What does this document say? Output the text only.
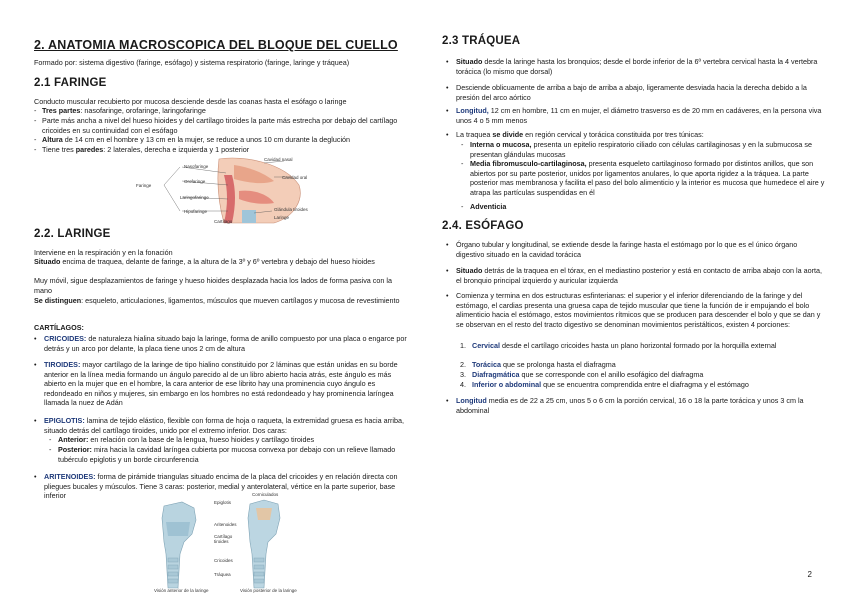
2. ANATOMIA MACROSCOPICA DEL BLOQUE DEL CUELLO
Formado por: sistema digestivo (faringe, esófago) y sistema respiratorio (faringe, laringe y tráquea)
2.1 FARINGE
Conducto muscular recubierto por mucosa desciende desde las coanas hasta el esófago o laringe
- Tres partes: nasofaringe, orofaringe, laringofaringe
- Parte más ancha a nivel del hueso hioides y del cartílago tiroides la parte más estrecha por debajo del cartílago cricoides en su continuidad con el esófago
- Altura de 14 cm en el hombre y 13 cm en la mujer, se reduce a unos 10 cm durante la deglución
- Tiene tres paredes: 2 laterales, derecha e izquierda y 1 posterior
Faringe
Nasofaringe
Orofaringe
Laringofaringe
Hipofaringe
Cartílago
Cavidad nasal
Cavidad oral
Glándula tiroides
Laringe
2.2. LARINGE
Interviene en la respiración y en la fonación
Situado encima de traquea, delante de faringe, a la altura de la 3º y 6º vertebra y debajo del hueso hioides
Muy móvil, sigue desplazamientos de faringe y hueso hioides desplazada hacia los lados de forma pasiva con la mano
Se distinguen: esqueleto, articulaciones, ligamentos, músculos que mueven cartílagos y mucosa de revestimiento
CARTÍLAGOS:
• CRICOIDES: de naturaleza hialina situado bajo la laringe, forma de anillo compuesto por una placa o engarce por detrás y un arco por delante, la placa tiene unos 2 cm de altura
• TIROIDES: mayor cartílago de la laringe de tipo hialino constituido por 2 láminas que están unidas en su borde anterior en la línea media formando un ángulo parecido al de un libro abierto hacia atrás, este ángulo es más abierto en la mujer que en el hombre, la cara anterior de ese librito hay una prominencia cuyo ángulo es redondeado en niños y mujeres, sin embargo en los hombres no está redondeado y hay prominencia laríngea llamada la nuez de Adán
• EPIGLOTIS: lamina de tejido elástico, flexible con forma de hoja o raqueta, la extremidad gruesa es hacia arriba, situado detrás del cartílago tiroides, unido por el extremo inferior. Dos caras:
- Anterior: en relación con la base de la lengua, hueso hioides y cartílago tiroides
- Posterior: mira hacia la cavidad laríngea cubierta por mucosa convexa por debajo con un relieve llamado tubérculo epiglotis y un borde circunferencia
• ARITENOIDES: forma de pirámide triangulas situado encima de la placa del cricoides y en relación directa con pliegues bucales y músculos. Tiene 3 caras: posterior, medial y anterolateral, vértice en la parte superior, base inferior
Epiglotis
Corniculados
Aritenoides
Cartílago tiroides
Cricoides
Tráquea
Visión anterior de la laringe	Visión posterior de la laringe
2.3 TRÁQUEA
• Situado desde la laringe hasta los bronquios; desde el borde inferior de la 6º vertebra cervical hasta la 4 vertebra torácica (lo mismo que dorsal)
• Desciende oblicuamente de arriba a bajo de arriba a abajo, ligeramente desviada hacia la derecha debido a la presión del arco aórtico
• Longitud, 12 cm en hombre, 11 cm en mujer, el diámetro trasverso es de 20 mm en cadáveres, en la persona viva unos 4 o 5 mm menos
• La traquea se divide en región cervical y torácica constituida por tres túnicas:
- Interna o mucosa, presenta un epitelio respiratorio ciliado con células cartilaginosas y en la submucosa se presentan glándulas mucosas
- Media fibromusculo-cartilaginosa, presenta esqueleto cartilaginoso formado por distintos anillos, que son abiertos por su parte posterior, unidos por ligamentos anulares, lo que aporta rigidez a la tráquea. La parte posterior mas membranosa y facilita el paso del bolo alimenticio y la interior es mucosa que humedece el aire y atrapa las partículas suspendidas en él
- Adventicia
2.4. ESÓFAGO
• Órgano tubular y longitudinal, se extiende desde la faringe hasta el estómago por lo que es el único órgano digestivo situado en la cavidad torácica
• Situado detrás de la traquea en el tórax, en el mediastino posterior y está en contacto de arriba abajo con la aorta, el bronquio principal izquierdo y auricular izquierda
• Comienza y termina en dos estructuras esfinterianas: el superior y el inferior diferenciando de la faringe y del estómago, el cardias presenta una gruesa capa de tejido muscular que tiene la función de ir empujando el bolo alimenticio hacia el estómago, estos movimientos rítmicos que se producen para descender el bolo y que se dan y se observan en el resto del tracto digestivo se denominan movimientos peristálticos, existen 4 porciones:
1. Cervical desde el cartílago cricoides hasta un plano horizontal formado por la horquilla external
2. Torácica que se prolonga hasta el diafragma
3. Diafragmática que se corresponde con el anillo esofágico del diafragma
4. Inferior o abdominal que se encuentra comprendida entre el diafragma y el estómago
• Longitud media es de 22 a 25 cm, unos 5 o 6 cm la porción cervical, 16 o 18 la parte torácica y unos 3 cm la abdominal
2
